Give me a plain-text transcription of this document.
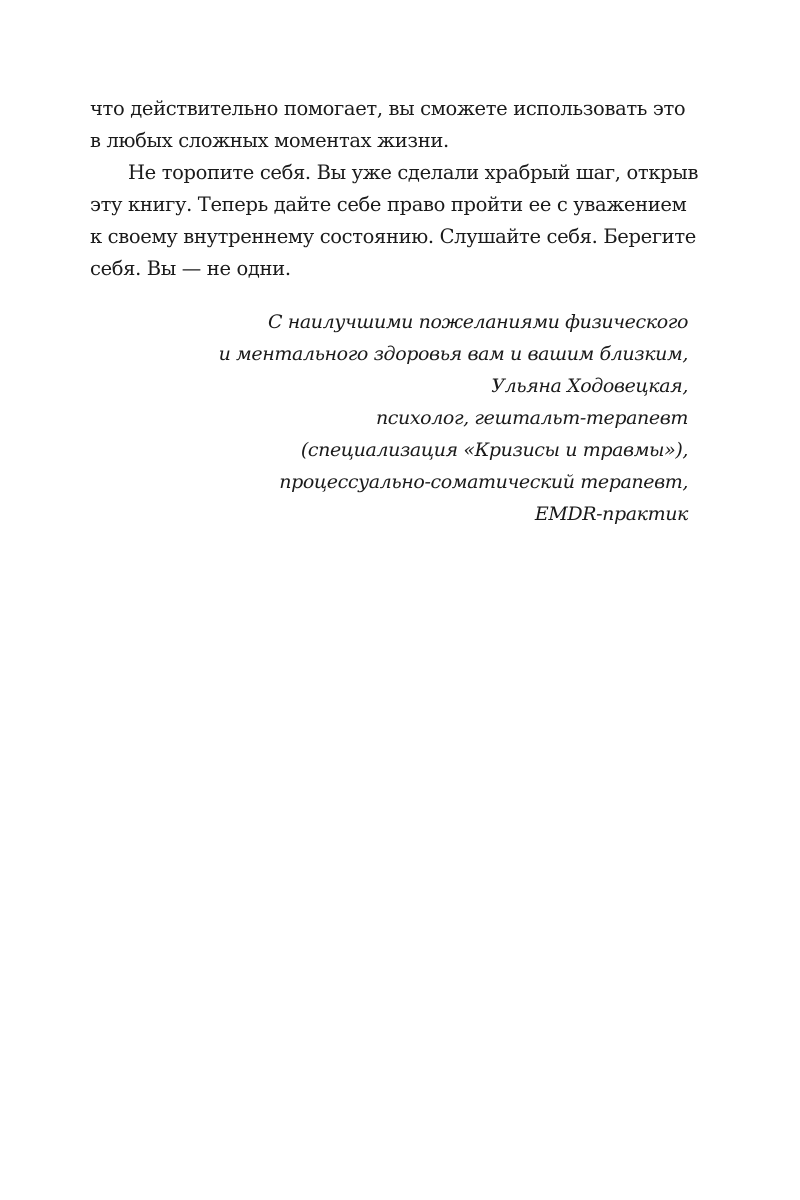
что действительно помогает, вы сможете использовать это
в любых сложных моментах жизни.
Не торопите себя. Вы уже сделали храбрый шаг, открыв
эту книгу. Теперь дайте себе право пройти ее с уважением
к своему внутреннему состоянию. Слушайте себя. Берегите
себя. Вы — не одни.
С наилучшими пожеланиями физического
и ментального здоровья вам и вашим близким,
Ульяна Ходовецкая,
психолог, гештальт-терапевт
(специализация «Кризисы и травмы»),
процессуально-соматический терапевт,
EMDR-практик
